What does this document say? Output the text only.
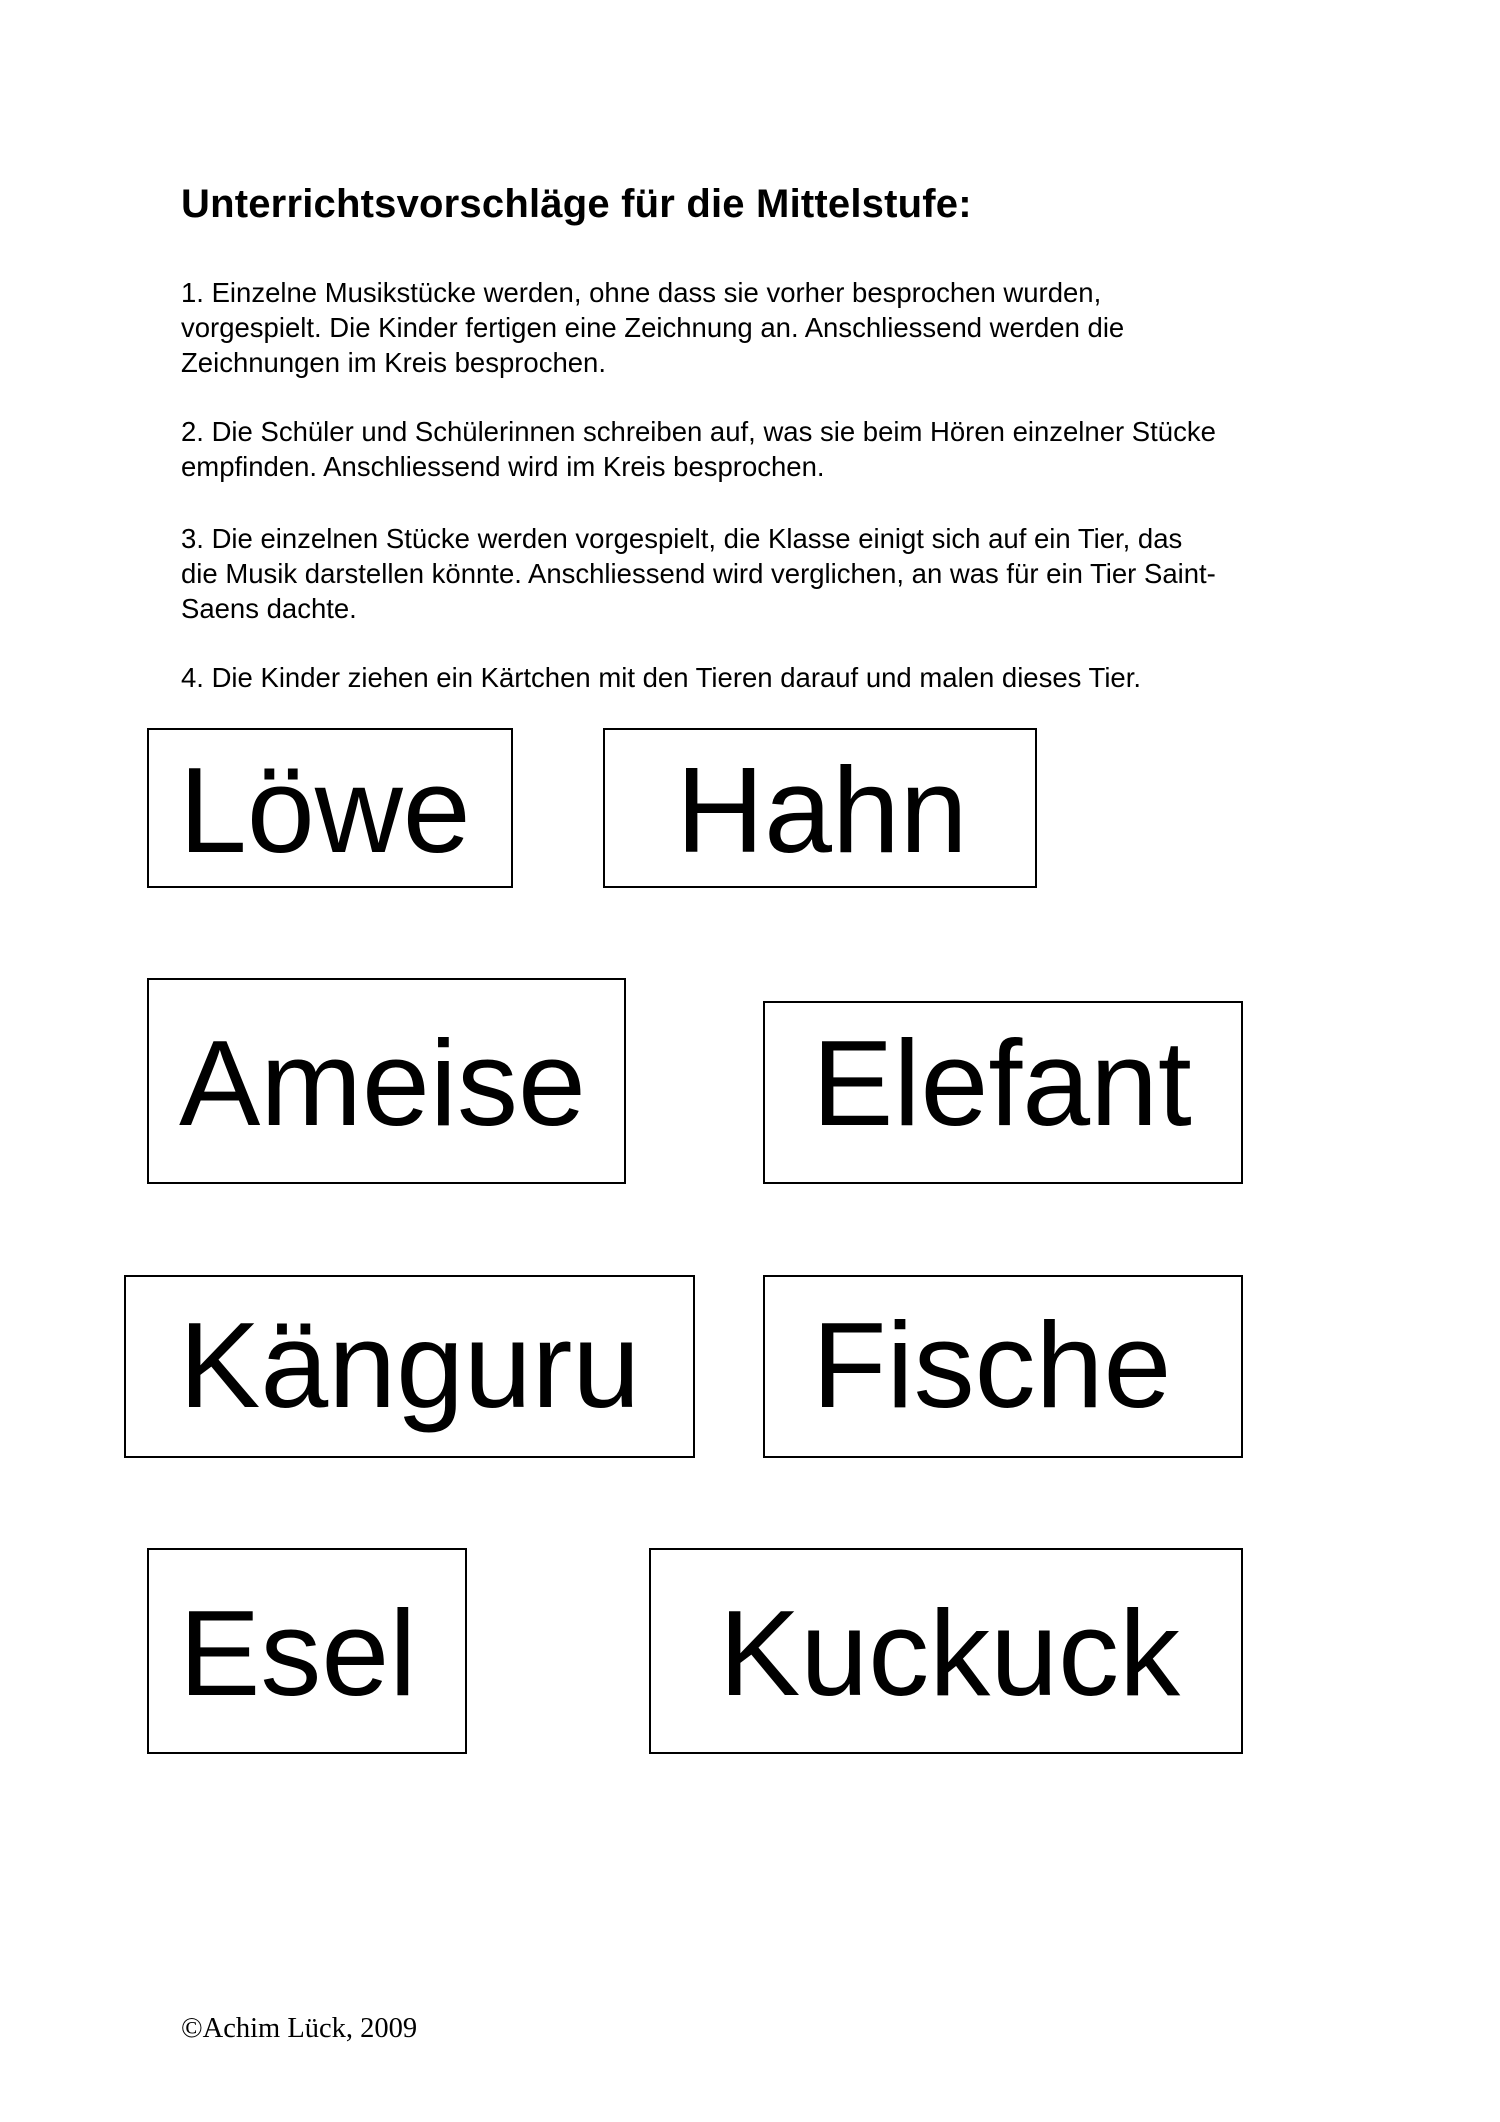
Unterrichtsvorschläge für die Mittelstufe:

1. Einzelne Musikstücke werden, ohne dass sie vorher besprochen wurden,
vorgespielt. Die Kinder fertigen eine Zeichnung an. Anschliessend werden die
Zeichnungen im Kreis besprochen.

2. Die Schüler und Schülerinnen schreiben auf, was sie beim Hören einzelner Stücke
empfinden. Anschliessend wird im Kreis besprochen.

3. Die einzelnen Stücke werden vorgespielt, die Klasse einigt sich auf ein Tier, das
die Musik darstellen könnte. Anschliessend wird verglichen, an was für ein Tier Saint-
Saens dachte.

4. Die Kinder ziehen ein Kärtchen mit den Tieren darauf und malen dieses Tier.

Löwe Hahn
Ameise Elefant
Känguru Fische
Esel Kuckuck

©Achim Lück, 2009
